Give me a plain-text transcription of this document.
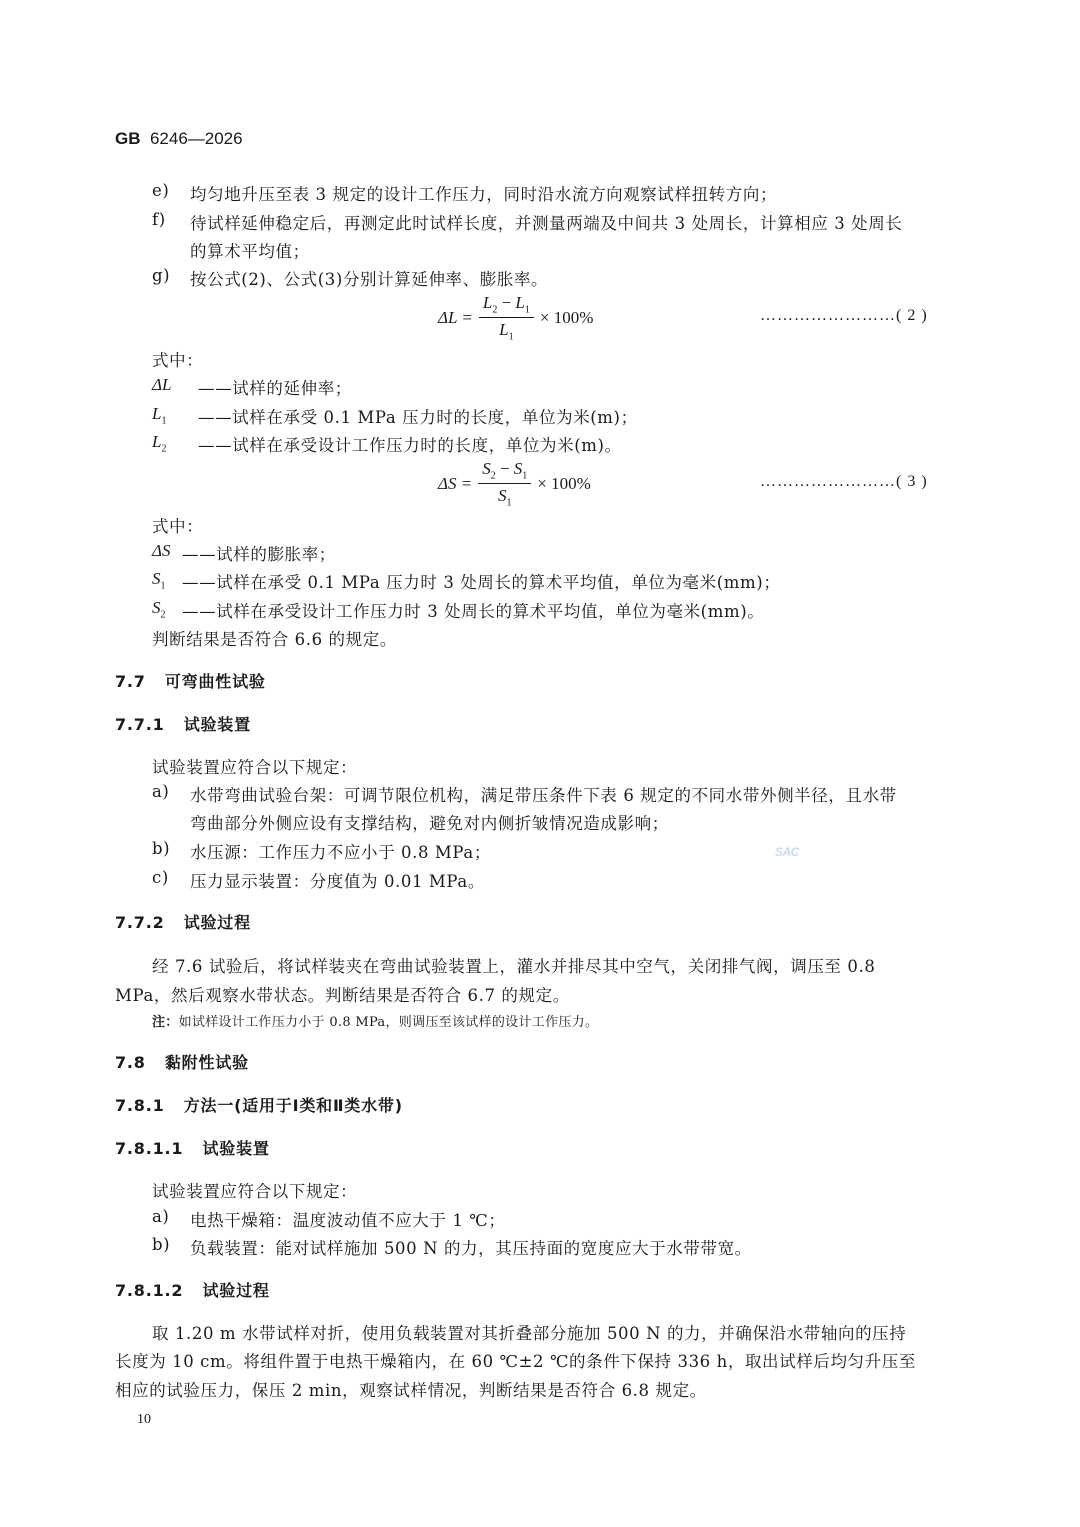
GB 6246—2026
e) 均匀地升压至表 3 规定的设计工作压力，同时沿水流方向观察试样扭转方向；
f) 待试样延伸稳定后，再测定此时试样长度，并测量两端及中间共 3 处周长，计算相应 3 处周长
的算术平均值；
g) 按公式(2)、公式(3)分别计算延伸率、膨胀率。
$\Delta L = \frac{L_2 - L_1}{L_1} \times 100\%$	……………………( 2 )
式中：
ΔL ——试样的延伸率；
$L_1$ ——试样在承受 0.1 MPa 压力时的长度，单位为米(m)；
$L_2$ ——试样在承受设计工作压力时的长度，单位为米(m)。
$\Delta S = \frac{S_2 - S_1}{S_1} \times 100\%$	……………………( 3 )
式中：
ΔS ——试样的膨胀率；
$S_1$ ——试样在承受 0.1 MPa 压力时 3 处周长的算术平均值，单位为毫米(mm)；
$S_2$ ——试样在承受设计工作压力时 3 处周长的算术平均值，单位为毫米(mm)。
判断结果是否符合 6.6 的规定。
7.7 可弯曲性试验
7.7.1 试验装置
试验装置应符合以下规定：
a) 水带弯曲试验台架：可调节限位机构，满足带压条件下表 6 规定的不同水带外侧半径，且水带
弯曲部分外侧应设有支撑结构，避免对内侧折皱情况造成影响；
b) 水压源：工作压力不应小于 0.8 MPa；	SAC
c) 压力显示装置：分度值为 0.01 MPa。
7.7.2 试验过程
经 7.6 试验后，将试样装夹在弯曲试验装置上，灌水并排尽其中空气，关闭排气阀，调压至 0.8
MPa，然后观察水带状态。判断结果是否符合 6.7 的规定。
注：如试样设计工作压力小于 0.8 MPa，则调压至该试样的设计工作压力。
7.8 黏附性试验
7.8.1 方法一(适用于Ⅰ类和Ⅱ类水带)
7.8.1.1 试验装置
试验装置应符合以下规定：
a) 电热干燥箱：温度波动值不应大于 1 ℃；
b) 负载装置：能对试样施加 500 N 的力，其压持面的宽度应大于水带带宽。
7.8.1.2 试验过程
取 1.20 m 水带试样对折，使用负载装置对其折叠部分施加 500 N 的力，并确保沿水带轴向的压持
长度为 10 cm。将组件置于电热干燥箱内，在 60 ℃±2 ℃的条件下保持 336 h，取出试样后均匀升压至
相应的试验压力，保压 2 min，观察试样情况，判断结果是否符合 6.8 规定。
10
